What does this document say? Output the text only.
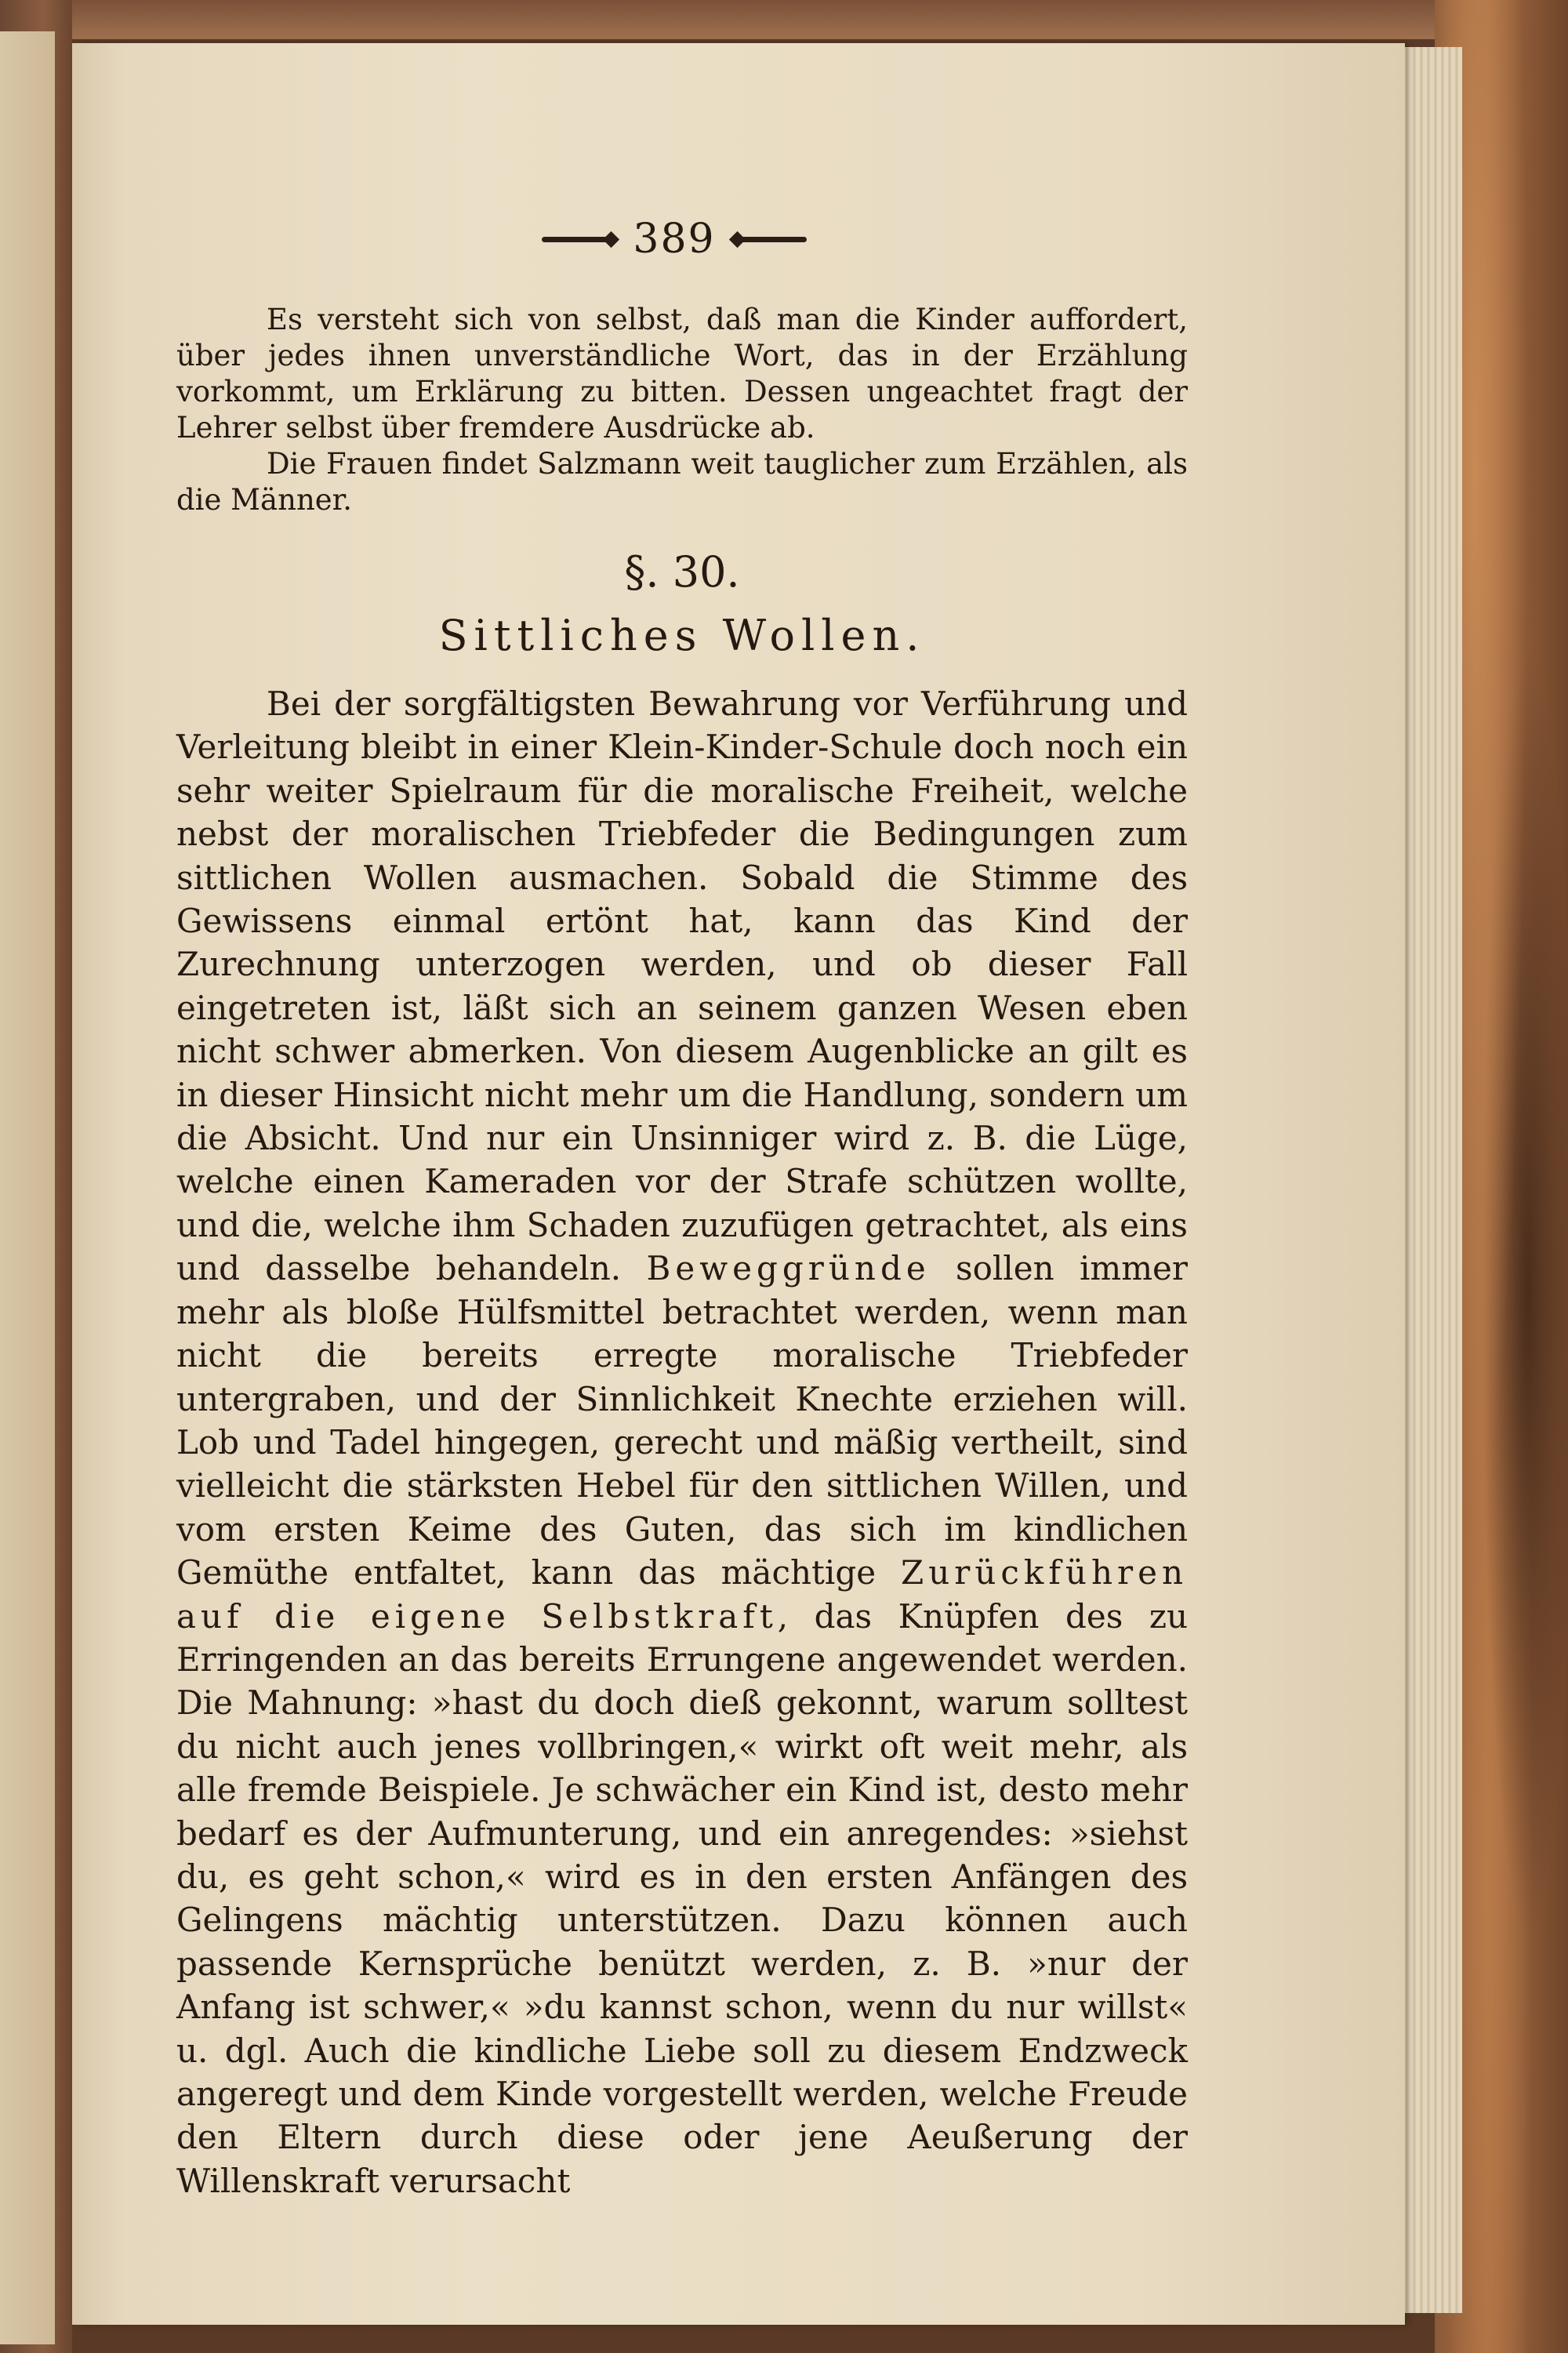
389

Es versteht sich von selbst, daß man die Kinder auffordert, über jedes ihnen unverständliche Wort, das in der Erzählung vorkommt, um Erklärung zu bitten. Dessen ungeachtet fragt der Lehrer selbst über fremdere Ausdrücke ab.

Die Frauen findet Salzmann weit tauglicher zum Erzählen, als die Männer.

§. 30.
Sittliches Wollen.

Bei der sorgfältigsten Bewahrung vor Verführung und Verleitung bleibt in einer Klein-Kinder-Schule doch noch ein sehr weiter Spielraum für die moralische Freiheit, welche nebst der moralischen Triebfeder die Bedingungen zum sittlichen Wollen ausmachen. Sobald die Stimme des Gewissens einmal ertönt hat, kann das Kind der Zurechnung unterzogen werden, und ob dieser Fall eingetreten ist, läßt sich an seinem ganzen Wesen eben nicht schwer abmerken. Von diesem Augenblicke an gilt es in dieser Hinsicht nicht mehr um die Handlung, sondern um die Absicht. Und nur ein Unsinniger wird z. B. die Lüge, welche einen Kameraden vor der Strafe schützen wollte, und die, welche ihm Schaden zuzufügen getrachtet, als eins und dasselbe behandeln. Beweggründe sollen immer mehr als bloße Hülfsmittel betrachtet werden, wenn man nicht die bereits erregte moralische Triebfeder untergraben, und der Sinnlichkeit Knechte erziehen will. Lob und Tadel hingegen, gerecht und mäßig vertheilt, sind vielleicht die stärksten Hebel für den sittlichen Willen, und vom ersten Keime des Guten, das sich im kindlichen Gemüthe entfaltet, kann das mächtige Zurückführen auf die eigene Selbstkraft, das Knüpfen des zu Erringenden an das bereits Errungene angewendet werden. Die Mahnung: »hast du doch dieß gekonnt, warum solltest du nicht auch jenes vollbringen,« wirkt oft weit mehr, als alle fremde Beispiele. Je schwächer ein Kind ist, desto mehr bedarf es der Aufmunterung, und ein anregendes: »siehst du, es geht schon,« wird es in den ersten Anfängen des Gelingens mächtig unterstützen. Dazu können auch passende Kernsprüche benützt werden, z. B. »nur der Anfang ist schwer,« »du kannst schon, wenn du nur willst« u. dgl. Auch die kindliche Liebe soll zu diesem Endzweck angeregt und dem Kinde vorgestellt werden, welche Freude den Eltern durch diese oder jene Aeußerung der Willenskraft verursacht
